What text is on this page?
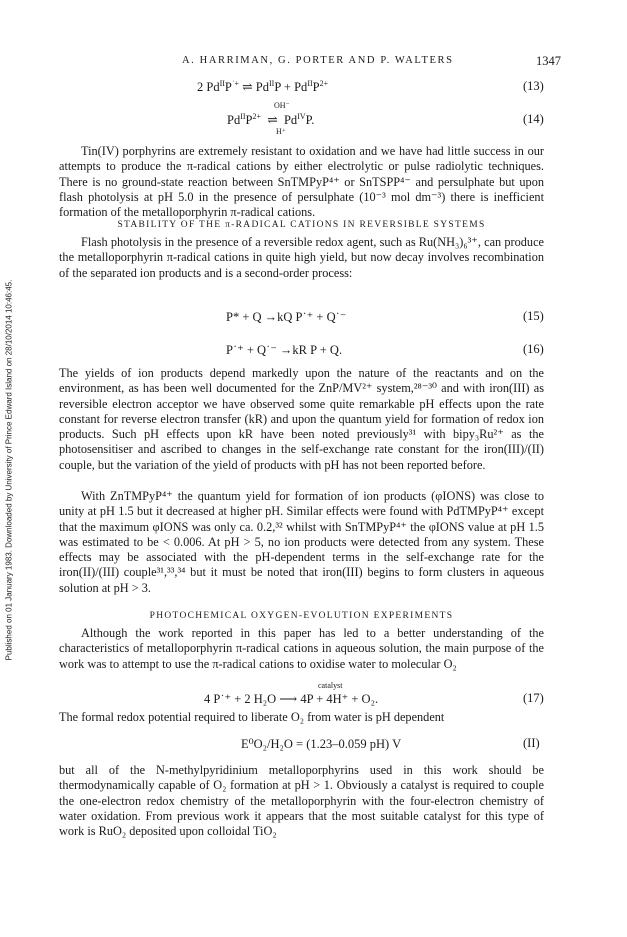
Published on 01 January 1983. Downloaded by University of Prince Edward Island on 28/10/2014 10:46:45.
A. HARRIMAN, G. PORTER AND P. WALTERS	1347
2 $Pd^{II}P^{˙+}$ ⇌ $Pd^{II}P + Pd^{II}P^{2+}$	(13)
OH⁻
$Pd^{II}P^{2+}$  ⇌  $Pd^{IV}P$.
H⁺
(14)
Tin(IV) porphyrins are extremely resistant to oxidation and we have had little success in our attempts to produce the π-radical cations by either electrolytic or pulse radiolytic techniques. There is no ground-state reaction between SnTMPyP⁴⁺ or SnTSPP⁴⁻ and persulphate but upon flash photolysis at pH 5.0 in the presence of persulphate (10⁻³ mol dm⁻³) there is inefficient formation of the metalloporphyrin π-radical cations.
STABILITY OF THE π-RADICAL CATIONS IN REVERSIBLE SYSTEMS
Flash photolysis in the presence of a reversible redox agent, such as Ru(NH₃)₆³⁺, can produce the metalloporphyrin π-radical cations in quite high yield, but now decay involves recombination of the separated ion products and is a second-order process:
P* + Q →kQ P˙⁺ + Q˙⁻	(15)
P˙⁺ + Q˙⁻ →kR P + Q.	(16)
The yields of ion products depend markedly upon the nature of the reactants and on the environment, as has been well documented for the ZnP/MV²⁺ system,²⁸⁻³⁰ and with iron(III) as reversible electron acceptor we have observed some quite remarkable pH effects upon the rate constant for reverse electron transfer (kR) and upon the quantum yield for formation of redox ion products. Such pH effects upon kR have been noted previously³¹ with bipy₃Ru²⁺ as the photosensitiser and ascribed to changes in the self-exchange rate constant for the iron(III)/(II) couple, but the variation of the yield of products with pH has not been reported before.
With ZnTMPyP⁴⁺ the quantum yield for formation of ion products (φIONS) was close to unity at pH 1.5 but it decreased at higher pH. Similar effects were found with PdTMPyP⁴⁺ except that the maximum φIONS was only ca. 0.2,³² whilst with SnTMPyP⁴⁺ the φIONS value at pH 1.5 was estimated to be < 0.006. At pH > 5, no ion products were detected from any system. These effects may be associated with the pH-dependent terms in the self-exchange rate for the iron(II)/(III) couple³¹,³³,³⁴ but it must be noted that iron(III) begins to form clusters in aqueous solution at pH > 3.
PHOTOCHEMICAL OXYGEN-EVOLUTION EXPERIMENTS
Although the work reported in this paper has led to a better understanding of the characteristics of metalloporphyrin π-radical cations in aqueous solution, the main purpose of the work was to attempt to use the π-radical cations to oxidise water to molecular O₂
catalyst
4 P˙⁺ + 2 H₂O ⟶ 4P + 4H⁺ + O₂.	(17)
The formal redox potential required to liberate O₂ from water is pH dependent
E⁰O₂/H₂O = (1.23–0.059 pH) V	(II)
but all of the N-methylpyridinium metalloporphyrins used in this work should be thermodynamically capable of O₂ formation at pH > 1. Obviously a catalyst is required to couple the one-electron redox chemistry of the metalloporphyrin with the four-electron chemistry of water oxidation. From previous work it appears that the most suitable catalyst for this type of work is RuO₂ deposited upon colloidal TiO₂
